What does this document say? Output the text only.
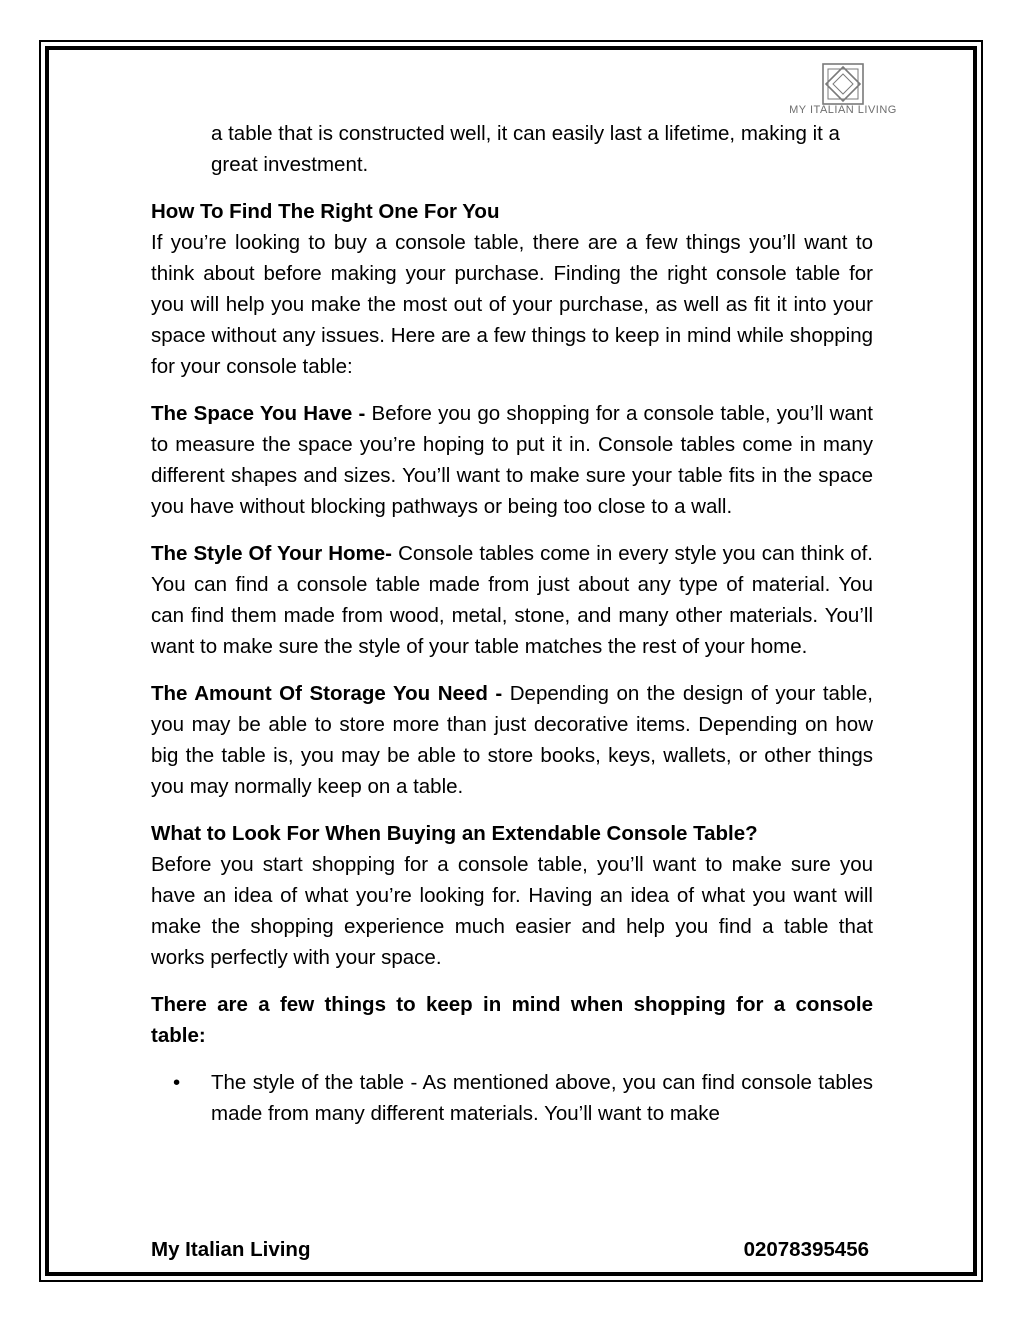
MY ITALIAN LIVING

a table that is constructed well, it can easily last a lifetime, making it a great investment.

How To Find The Right One For You

If you’re looking to buy a console table, there are a few things you’ll want to think about before making your purchase. Finding the right console table for you will help you make the most out of your purchase, as well as fit it into your space without any issues. Here are a few things to keep in mind while shopping for your console table:

The Space You Have - Before you go shopping for a console table, you’ll want to measure the space you’re hoping to put it in. Console tables come in many different shapes and sizes. You’ll want to make sure your table fits in the space you have without blocking pathways or being too close to a wall.

The Style Of Your Home- Console tables come in every style you can think of. You can find a console table made from just about any type of material. You can find them made from wood, metal, stone, and many other materials. You’ll want to make sure the style of your table matches the rest of your home.

The Amount Of Storage You Need - Depending on the design of your table, you may be able to store more than just decorative items. Depending on how big the table is, you may be able to store books, keys, wallets, or other things you may normally keep on a table.

What to Look For When Buying an Extendable Console Table?

Before you start shopping for a console table, you’ll want to make sure you have an idea of what you’re looking for. Having an idea of what you want will make the shopping experience much easier and help you find a table that works perfectly with your space.

There are a few things to keep in mind when shopping for a console table:

• The style of the table - As mentioned above, you can find console tables made from many different materials. You’ll want to make
My Italian Living	02078395456
